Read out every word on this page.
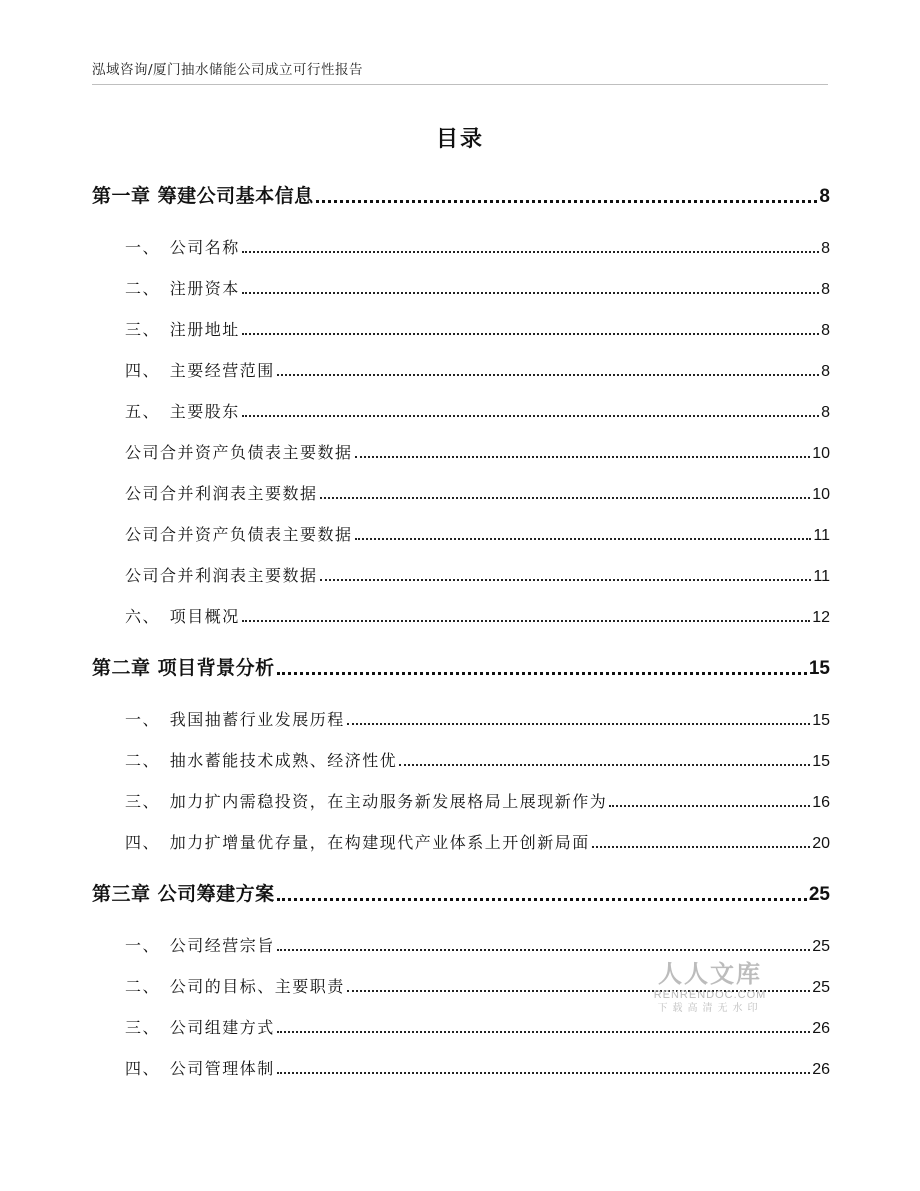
泓域咨询/厦门抽水储能公司成立可行性报告
目录
第一章 筹建公司基本信息	8
一、 公司名称	8
二、 注册资本	8
三、 注册地址	8
四、 主要经营范围	8
五、 主要股东	8
公司合并资产负债表主要数据	10
公司合并利润表主要数据	10
公司合并资产负债表主要数据	11
公司合并利润表主要数据	11
六、 项目概况	12
第二章 项目背景分析	15
一、 我国抽蓄行业发展历程	15
二、 抽水蓄能技术成熟、经济性优	15
三、 加力扩内需稳投资，在主动服务新发展格局上展现新作为	16
四、 加力扩增量优存量，在构建现代产业体系上开创新局面	20
第三章 公司筹建方案	25
一、 公司经营宗旨	25
二、 公司的目标、主要职责	25
三、 公司组建方式	26
四、 公司管理体制	26
人人文库
RENRENDOC.COM
下载高清无水印
